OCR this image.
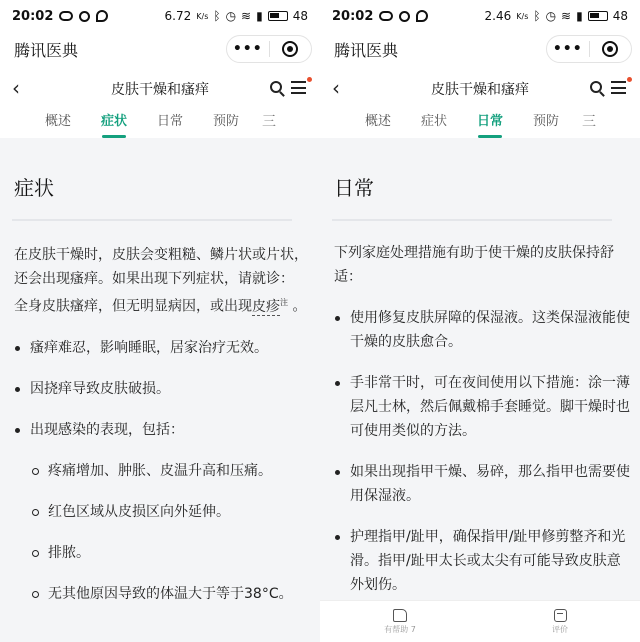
20:02	6.72 K/s ᛒ ◷ ≋ ▮	48
腾讯医典	•••
‹	皮肤干燥和瘙痒
概述	症状	日常	预防	三
症状

在皮肤干燥时，皮肤会变粗糙、鳞片状或片状，还会出现瘙痒。如果出现下列症状，请就诊： 全身皮肤瘙痒，但无明显病因，或出现皮疹$^注$ 。

瘙痒难忍，影响睡眠，居家治疗无效。
因挠痒导致皮肤破损。
出现感染的表现，包括：
疼痛增加、肿胀、皮温升高和压痛。
红色区域从皮损区向外延伸。
排脓。
无其他原因导致的体温大于等于38°C。
20:02	2.46 K/s ᛒ ◷ ≋ ▮	48
腾讯医典	•••
‹	皮肤干燥和瘙痒
概述	症状	日常	预防	三
日常

下列家庭处理措施有助于使干燥的皮肤保持舒适：

使用修复皮肤屏障的保湿液。这类保湿液能使干燥的皮肤愈合。
手非常干时，可在夜间使用以下措施：涂一薄层凡士林，然后佩戴棉手套睡觉。脚干燥时也可使用类似的方法。
如果出现指甲干燥、易碎，那么指甲也需要使用保湿液。
护理指甲/趾甲，确保指甲/趾甲修剪整齐和光滑。指甲/趾甲太长或太尖有可能导致皮肤意外划伤。
有帮助 7	评价
